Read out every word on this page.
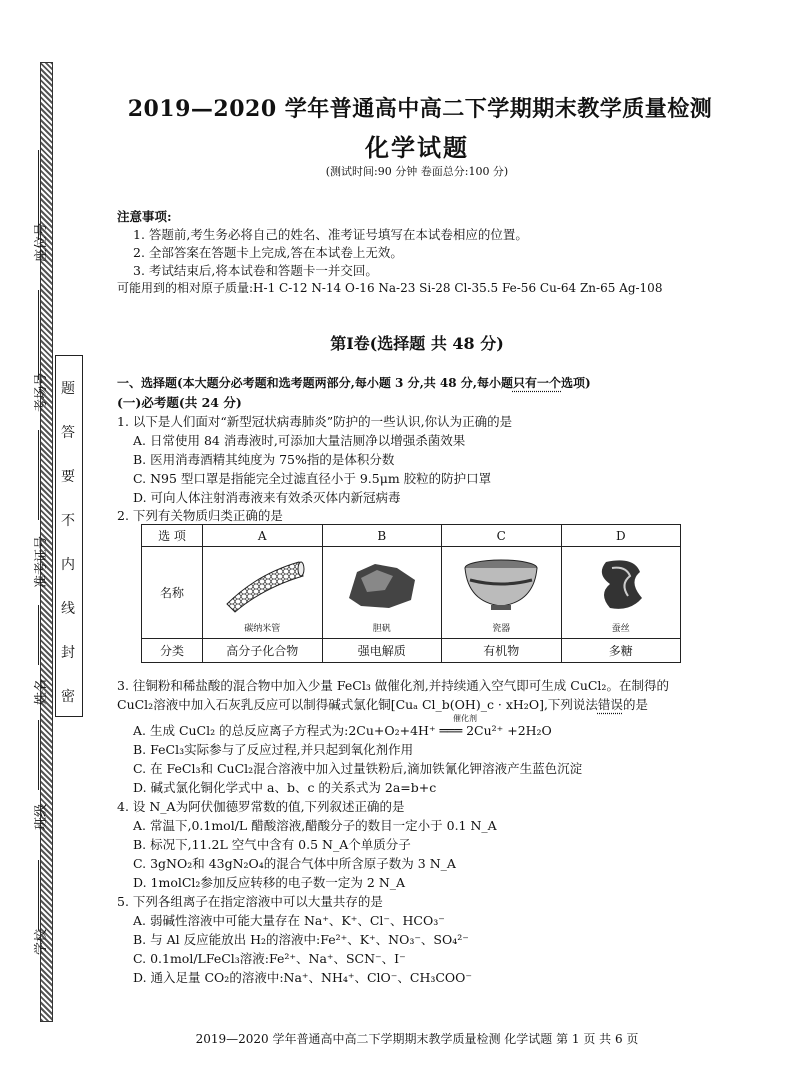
题
答
要
不
内
线
封
密
座位号
考场号
准考证号
姓名
班级
学校
2019—2020 学年普通高中高二下学期期末教学质量检测
化学试题
(测试时间:90 分钟 卷面总分:100 分)
注意事项:
1. 答题前,考生务必将自己的姓名、准考证号填写在本试卷相应的位置。
2. 全部答案在答题卡上完成,答在本试卷上无效。
3. 考试结束后,将本试卷和答题卡一并交回。
可能用到的相对原子质量:H-1 C-12 N-14 O-16 Na-23 Si-28 Cl-35.5 Fe-56 Cu-64 Zn-65 Ag-108
第Ⅰ卷(选择题 共 48 分)
一、选择题(本大题分必考题和选考题两部分,每小题 3 分,共 48 分,每小题只有一个选项)
(一)必考题(共 24 分)
1. 以下是人们面对“新型冠状病毒肺炎”防护的一些认识,你认为正确的是
A. 日常使用 84 消毒液时,可添加大量洁厕净以增强杀菌效果
B. 医用消毒酒精其纯度为 75%指的是体积分数
C. N95 型口罩是指能完全过滤直径小于 9.5μm 胶粒的防护口罩
D. 可向人体注射消毒液来有效杀灭体内新冠病毒
2. 下列有关物质归类正确的是
选 项	A	B	C	D
名称	碳纳米管	胆矾	瓷器	蚕丝

分类	高分子化合物	强电解质	有机物	多糖
3. 往铜粉和稀盐酸的混合物中加入少量 FeCl₃ 做催化剂,并持续通入空气即可生成 CuCl₂。在制得的
CuCl₂溶液中加入石灰乳反应可以制得碱式氯化铜[Cuₐ Cl_b(OH)_c · xH₂O],下列说法错误的是
催化剂
A. 生成 CuCl₂ 的总反应离子方程式为:2Cu+O₂+4H⁺ ═══ 2Cu²⁺ +2H₂O
B. FeCl₃实际参与了反应过程,并只起到氧化剂作用
C. 在 FeCl₃和 CuCl₂混合溶液中加入过量铁粉后,滴加铁氰化钾溶液产生蓝色沉淀
D. 碱式氯化铜化学式中 a、b、c 的关系式为 2a=b+c
4. 设 N_A为阿伏伽德罗常数的值,下列叙述正确的是
A. 常温下,0.1mol/L 醋酸溶液,醋酸分子的数目一定小于 0.1 N_A
B. 标况下,11.2L 空气中含有 0.5 N_A个单质分子
C. 3gNO₂和 43gN₂O₄的混合气体中所含原子数为 3 N_A
D. 1molCl₂参加反应转移的电子数一定为 2 N_A
5. 下列各组离子在指定溶液中可以大量共存的是
A. 弱碱性溶液中可能大量存在 Na⁺、K⁺、Cl⁻、HCO₃⁻
B. 与 Al 反应能放出 H₂的溶液中:Fe²⁺、K⁺、NO₃⁻、SO₄²⁻
C. 0.1mol/LFeCl₃溶液:Fe²⁺、Na⁺、SCN⁻、I⁻
D. 通入足量 CO₂的溶液中:Na⁺、NH₄⁺、ClO⁻、CH₃COO⁻
2019—2020 学年普通高中高二下学期期末教学质量检测 化学试题 第 1 页 共 6 页
